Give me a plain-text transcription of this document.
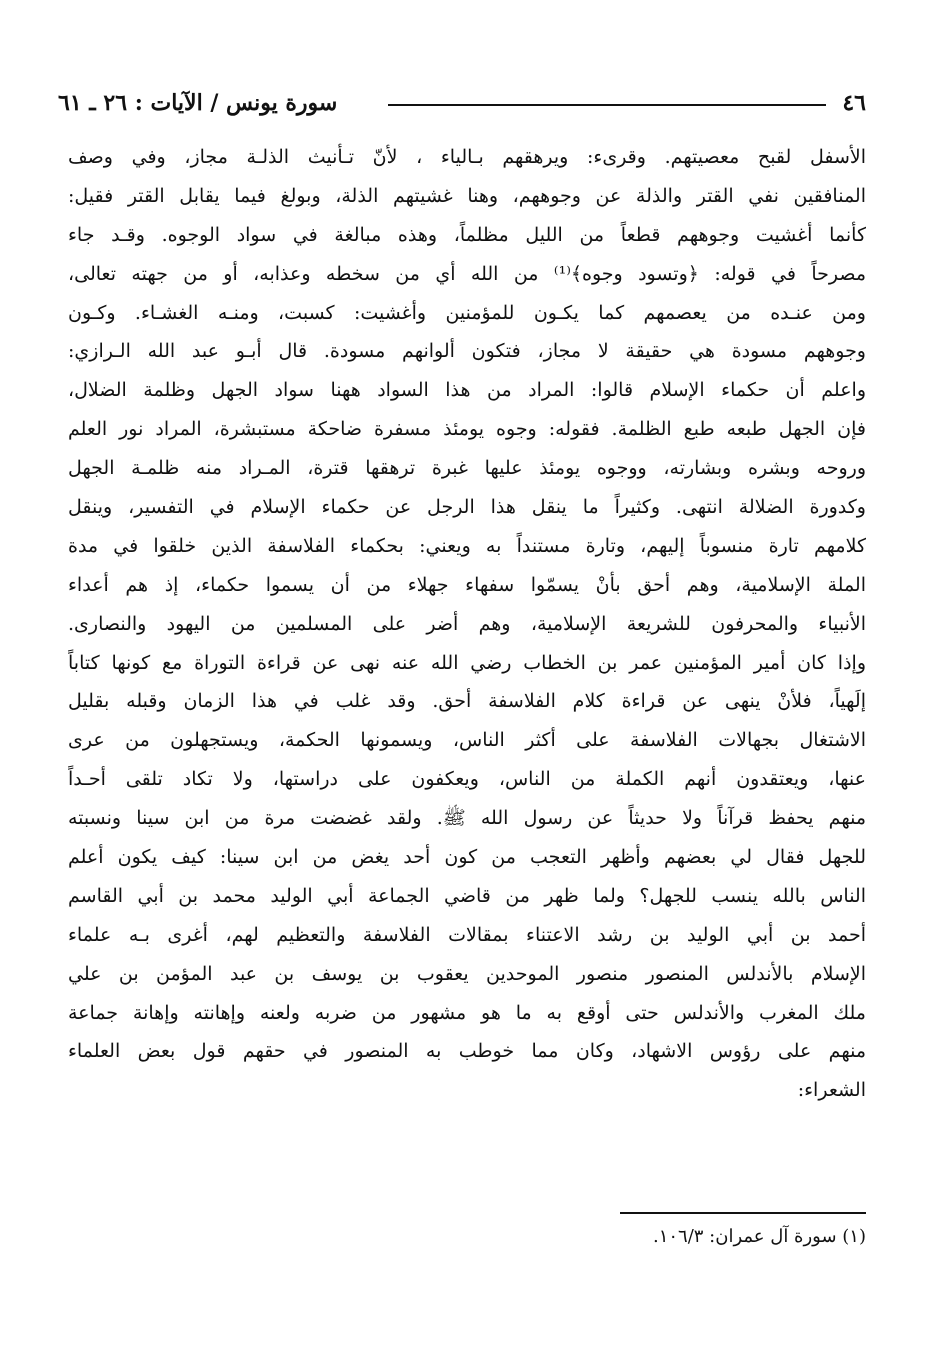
٤٦
سورة يونس / الآيات : ٢٦ ـ ٦١
الأسفل لقبح معصيتهم. وقرىء: ويرهقهم بـالياء ، لأنّ تـأنيث الذلـة مجاز، وفي وصف
المنافقين نفي القتر والذلة عن وجوههم، وهنا غشيتهم الذلة، وبولغ فيما يقابل القتر فقيل:
كأنما أغشيت وجوههم قطعاً من الليل مظلماً، وهذه مبالغة في سواد الوجوه. وقـد جاء
مصرحاً في قوله: ﴿وتسود وجوه﴾⁽¹⁾ من الله أي من سخطه وعذابه، أو من جهته تعالى،
ومن عنـده من يعصمهم كما يكـون للمؤمنين وأغشيت: كسبت، ومنـه الغشـاء. وكـون
وجوههم مسودة هي حقيقة لا مجاز، فتكون ألوانهم مسودة. قال أبـو عبد الله الـرازي:
واعلم أن حكماء الإسلام قالوا: المراد من هذا السواد ههنا سواد الجهل وظلمة الضلال،
فإن الجهل طبعه طبع الظلمة. فقوله: وجوه يومئذ مسفرة ضاحكة مستبشرة، المراد نور العلم
وروحه وبشره وبشارته، ووجوه يومئذ عليها غبرة ترهقها قترة، المـراد منه ظلمـة الجهل
وكدورة الضلالة انتهى. وكثيراً ما ينقل هذا الرجل عن حكماء الإسلام في التفسير، وينقل
كلامهم تارة منسوباً إليهم، وتارة مستنداً به ويعني: بحكماء الفلاسفة الذين خلقوا في مدة
الملة الإسلامية، وهم أحق بأنْ يسمّوا سفهاء جهلاء من أن يسموا حكماء، إذ هم أعداء
الأنبياء والمحرفون للشريعة الإسلامية، وهم أضر على المسلمين من اليهود والنصارى.
وإذا كان أمير المؤمنين عمر بن الخطاب رضي الله عنه نهى عن قراءة التوراة مع كونها كتاباً
إلَهياً، فلأنْ ينهى عن قراءة كلام الفلاسفة أحق. وقد غلب في هذا الزمان وقبله بقليل
الاشتغال بجهالات الفلاسفة على أكثر الناس، ويسمونها الحكمة، ويستجهلون من عرى
عنها، ويعتقدون أنهم الكملة من الناس، ويعكفون على دراستها، ولا تكاد تلقى أحـداً
منهم يحفظ قرآناً ولا حديثاً عن رسول الله ﷺ. ولقد غضضت مرة من ابن سينا ونسبته
للجهل فقال لي بعضهم وأظهر التعجب من كون أحد يغض من ابن سينا: كيف يكون أعلم
الناس بالله ينسب للجهل؟ ولما ظهر من قاضي الجماعة أبي الوليد محمد بن أبي القاسم
أحمد بن أبي الوليد بن رشد الاعتناء بمقالات الفلاسفة والتعظيم لهم، أغرى بـه علماء
الإسلام بالأندلس المنصور منصور الموحدين يعقوب بن يوسف بن عبد المؤمن بن علي
ملك المغرب والأندلس حتى أوقع به ما هو مشهور من ضربه ولعنه وإهانته وإهانة جماعة
منهم على رؤوس الاشهاد، وكان مما خوطب به المنصور في حقهم قول بعض العلماء
الشعراء:
(١) سورة آل عمران: ١٠٦/٣.
